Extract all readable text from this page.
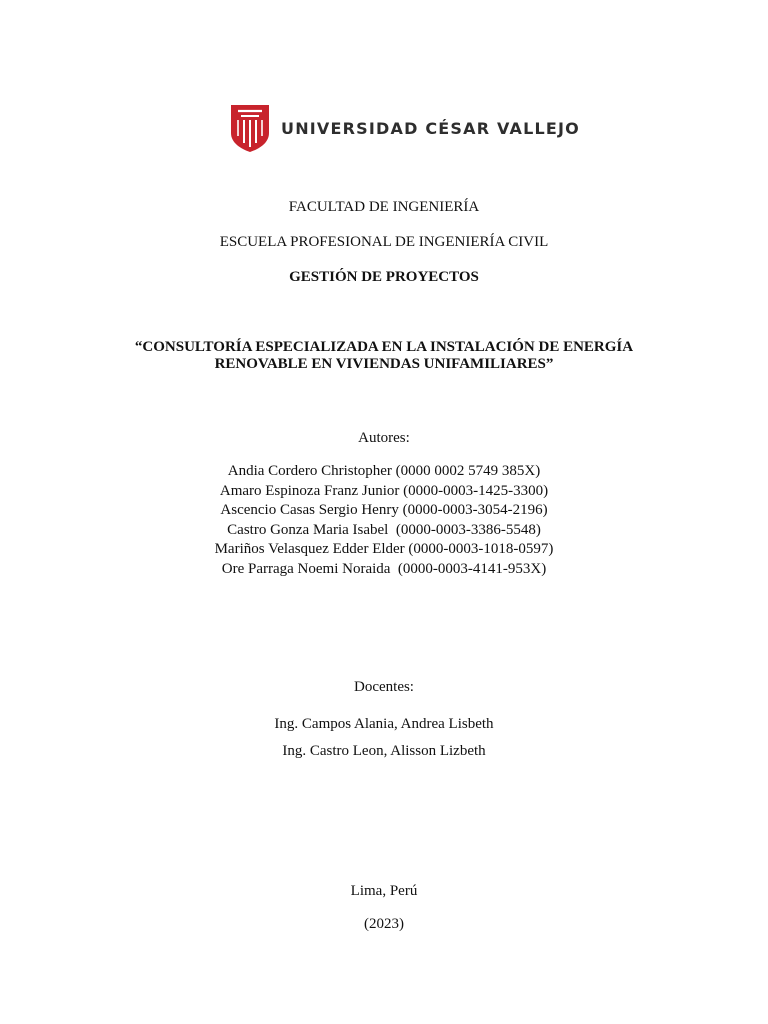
UNIVERSIDAD CÉSAR VALLEJO
FACULTAD DE INGENIERÍA
ESCUELA PROFESIONAL DE INGENIERÍA CIVIL
GESTIÓN DE PROYECTOS
“CONSULTORÍA ESPECIALIZADA EN LA INSTALACIÓN DE ENERGÍA
RENOVABLE EN VIVIENDAS UNIFAMILIARES”
Autores:
Andia Cordero Christopher (0000 0002 5749 385X)
Amaro Espinoza Franz Junior (0000-0003-1425-3300)
Ascencio Casas Sergio Henry (0000-0003-3054-2196)
Castro Gonza Maria Isabel  (0000-0003-3386-5548)
Mariños Velasquez Edder Elder (0000-0003-1018-0597)
Ore Parraga Noemi Noraida  (0000-0003-4141-953X)
Docentes:
Ing. Campos Alania, Andrea Lisbeth
Ing. Castro Leon, Alisson Lizbeth
Lima, Perú
(2023)
